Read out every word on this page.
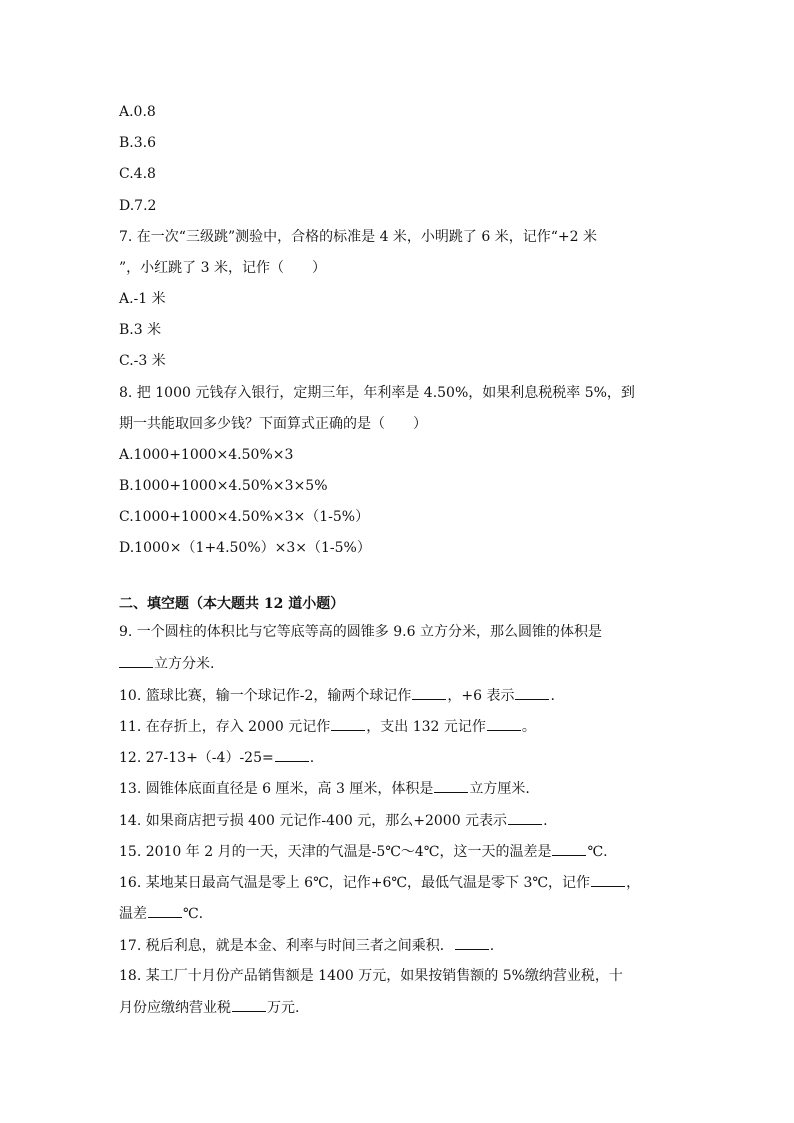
A.0.8
B.3.6
C.4.8
D.7.2
7. 在一次“三级跳”测验中，合格的标准是 4 米，小明跳了 6 米，记作“+2 米
”，小红跳了 3 米，记作（　　）
A.-1 米
B.3 米
C.-3 米
8. 把 1000 元钱存入银行，定期三年，年利率是 4.50%，如果利息税税率 5%，到
期一共能取回多少钱？下面算式正确的是（　　）
A.1000+1000×4.50%×3
B.1000+1000×4.50%×3×5%
C.1000+1000×4.50%×3×（1-5%）
D.1000×（1+4.50%）×3×（1-5%）
二、填空题（本大题共 12 道小题）
9. 一个圆柱的体积比与它等底等高的圆锥多 9.6 立方分米，那么圆锥的体积是
立方分米.
10. 篮球比赛，输一个球记作-2，输两个球记作	，+6 表示	.
11. 在存折上，存入 2000 元记作	，支出 132 元记作	。
12. 27-13+（-4）-25=	.
13. 圆锥体底面直径是 6 厘米，高 3 厘米，体积是	立方厘米.
14. 如果商店把亏损 400 元记作-400 元，那么+2000 元表示	.
15. 2010 年 2 月的一天，天津的气温是-5℃～4℃，这一天的温差是	℃.
16. 某地某日最高气温是零上 6℃，记作+6℃，最低气温是零下 3℃，记作	，
温差	℃.
17. 税后利息，就是本金、利率与时间三者之间乘积．	.
18. 某工厂十月份产品销售额是 1400 万元，如果按销售额的 5%缴纳营业税，十
月份应缴纳营业税	万元.
